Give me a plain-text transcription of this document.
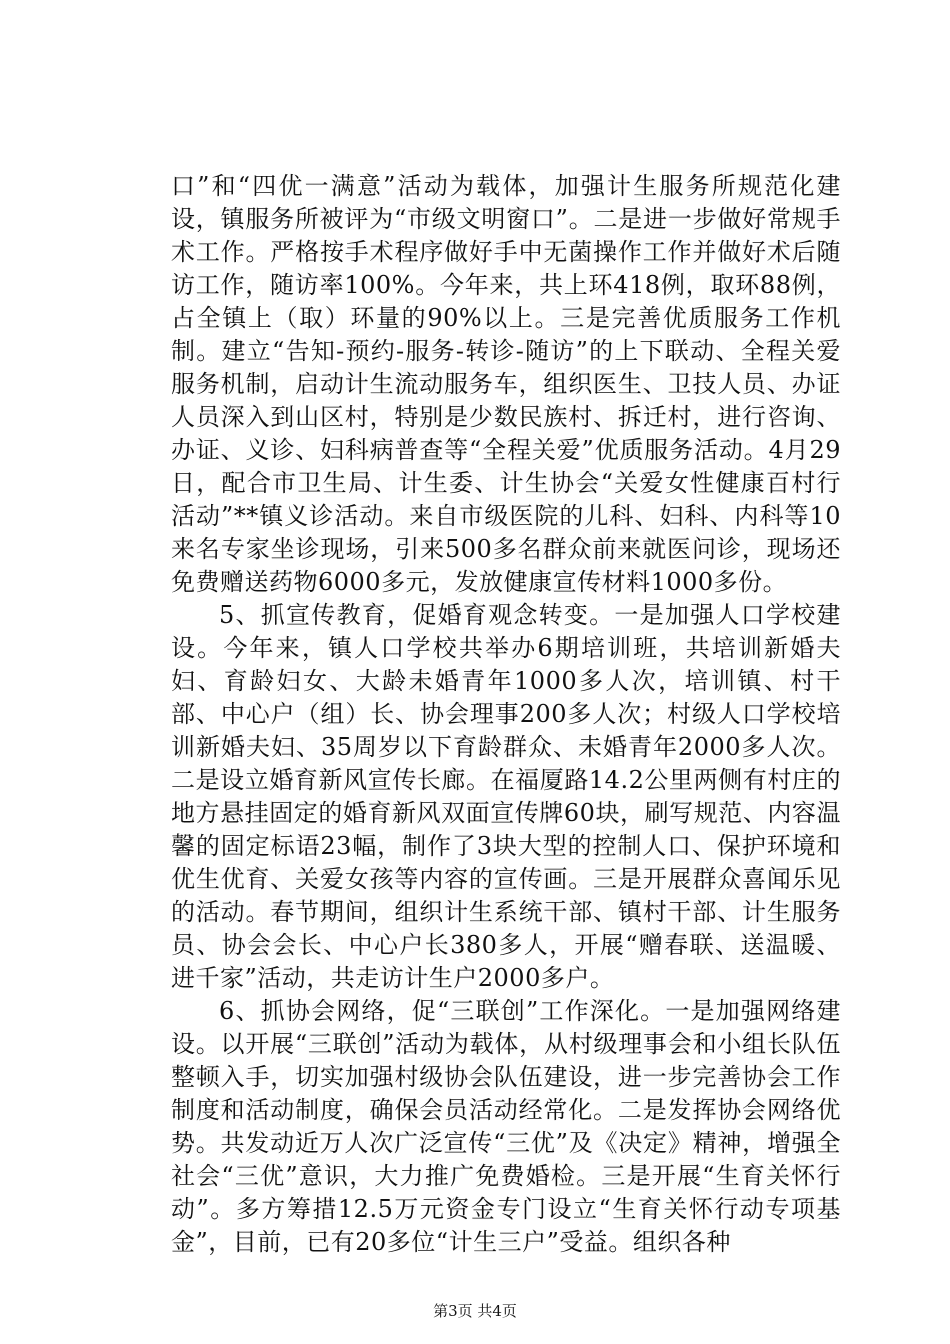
口”和“四优一满意”活动为载体，加强计生服务所规范化建设，镇服务所被评为“市级文明窗口”。二是进一步做好常规手术工作。严格按手术程序做好手中无菌操作工作并做好术后随访工作，随访率100%。今年来，共上环418例，取环88例，占全镇上（取）环量的90%以上。三是完善优质服务工作机制。建立“告知-预约-服务-转诊-随访”的上下联动、全程关爱服务机制，启动计生流动服务车，组织医生、卫技人员、办证人员深入到山区村，特别是少数民族村、拆迁村，进行咨询、办证、义诊、妇科病普查等“全程关爱”优质服务活动。4月29日，配合市卫生局、计生委、计生协会“关爱女性健康百村行活动”**镇义诊活动。来自市级医院的儿科、妇科、内科等10来名专家坐诊现场，引来500多名群众前来就医问诊，现场还免费赠送药物6000多元，发放健康宣传材料1000多份。

5、抓宣传教育，促婚育观念转变。一是加强人口学校建设。今年来，镇人口学校共举办6期培训班，共培训新婚夫妇、育龄妇女、大龄未婚青年1000多人次，培训镇、村干部、中心户（组）长、协会理事200多人次；村级人口学校培训新婚夫妇、35周岁以下育龄群众、未婚青年2000多人次。二是设立婚育新风宣传长廊。在福厦路14.2公里两侧有村庄的地方悬挂固定的婚育新风双面宣传牌60块，刷写规范、内容温馨的固定标语23幅，制作了3块大型的控制人口、保护环境和优生优育、关爱女孩等内容的宣传画。三是开展群众喜闻乐见的活动。春节期间，组织计生系统干部、镇村干部、计生服务员、协会会长、中心户长380多人，开展“赠春联、送温暖、进千家”活动，共走访计生户2000多户。

6、抓协会网络，促“三联创”工作深化。一是加强网络建设。以开展“三联创”活动为载体，从村级理事会和小组长队伍整顿入手，切实加强村级协会队伍建设，进一步完善协会工作制度和活动制度，确保会员活动经常化。二是发挥协会网络优势。共发动近万人次广泛宣传“三优”及《决定》精神，增强全社会“三优”意识，大力推广免费婚检。三是开展“生育关怀行动”。多方筹措12.5万元资金专门设立“生育关怀行动专项基金”，目前，已有20多位“计生三户”受益。组织各种

第3页 共4页
